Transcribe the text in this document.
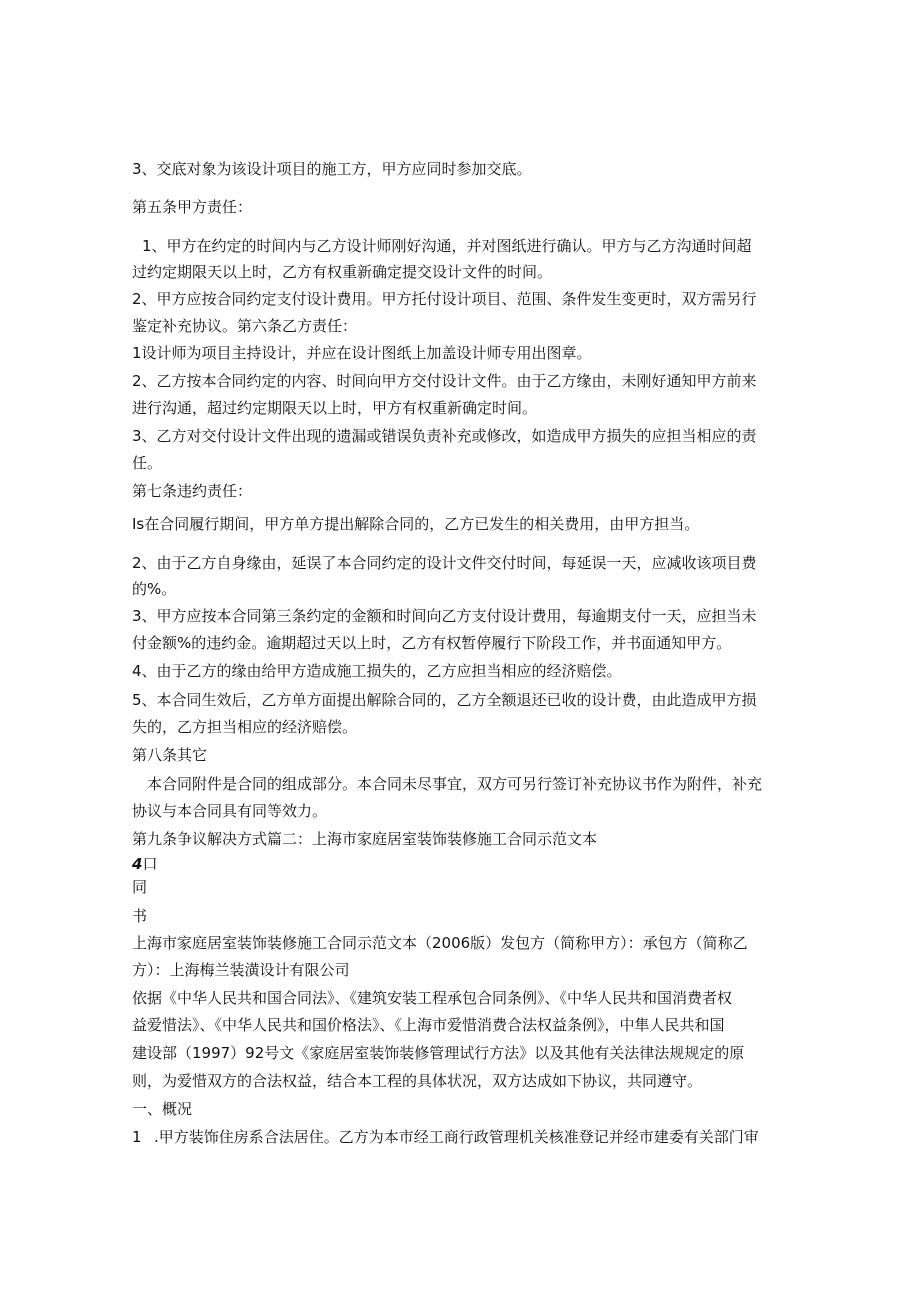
3、交底对象为该设计项目的施工方，甲方应同时参加交底。
第五条甲方责任：
1、甲方在约定的时间内与乙方设计师刚好沟通，并对图纸进行确认。甲方与乙方沟通时间超
过约定期限天以上时，乙方有权重新确定提交设计文件的时间。
2、甲方应按合同约定支付设计费用。甲方托付设计项目、范围、条件发生变更时，双方需另行
鉴定补充协议。第六条乙方责任：
1设计师为项目主持设计，并应在设计图纸上加盖设计师专用出图章。
2、乙方按本合同约定的内容、时间向甲方交付设计文件。由于乙方缘由，未刚好通知甲方前来
进行沟通，超过约定期限天以上时，甲方有权重新确定时间。
3、乙方对交付设计文件出现的遗漏或错误负责补充或修改，如造成甲方损失的应担当相应的责
任。
第七条违约责任：
Is在合同履行期间，甲方单方提出解除合同的，乙方已发生的相关费用，由甲方担当。
2、由于乙方自身缘由，延误了本合同约定的设计文件交付时间，每延误一天，应减收该项目费
的%。
3、甲方应按本合同第三条约定的金额和时间向乙方支付设计费用，每逾期支付一天，应担当未
付金额%的违约金。逾期超过天以上时，乙方有权暂停履行下阶段工作，并书面通知甲方。
4、由于乙方的缘由给甲方造成施工损失的，乙方应担当相应的经济赔偿。
5、本合同生效后，乙方单方面提出解除合同的，乙方全额退还已收的设计费，由此造成甲方损
失的，乙方担当相应的经济赔偿。
第八条其它
本合同附件是合同的组成部分。本合同未尽事宜，双方可另行签订补充协议书作为附件，补充
协议与本合同具有同等效力。
第九条争议解决方式篇二：上海市家庭居室装饰装修施工合同示范文本
4口
同
书
上海市家庭居室装饰装修施工合同示范文本（2006版）发包方（简称甲方）：承包方（简称乙
方）：上海梅兰装潢设计有限公司
依据《中华人民共和国合同法》、《建筑安装工程承包合同条例》、《中华人民共和国消费者权
益爱惜法》、《中华人民共和国价格法》、《上海市爱惜消费合法权益条例》，中隼人民共和国
建设部（1997）92号文《家庭居室装饰装修管理试行方法》以及其他有关法律法规规定的原
则，为爱惜双方的合法权益，结合本工程的具体状况，双方达成如下协议，共同遵守。
一、概况
1 .甲方装饰住房系合法居住。乙方为本市经工商行政管理机关核准登记并经市建委有关部门审
